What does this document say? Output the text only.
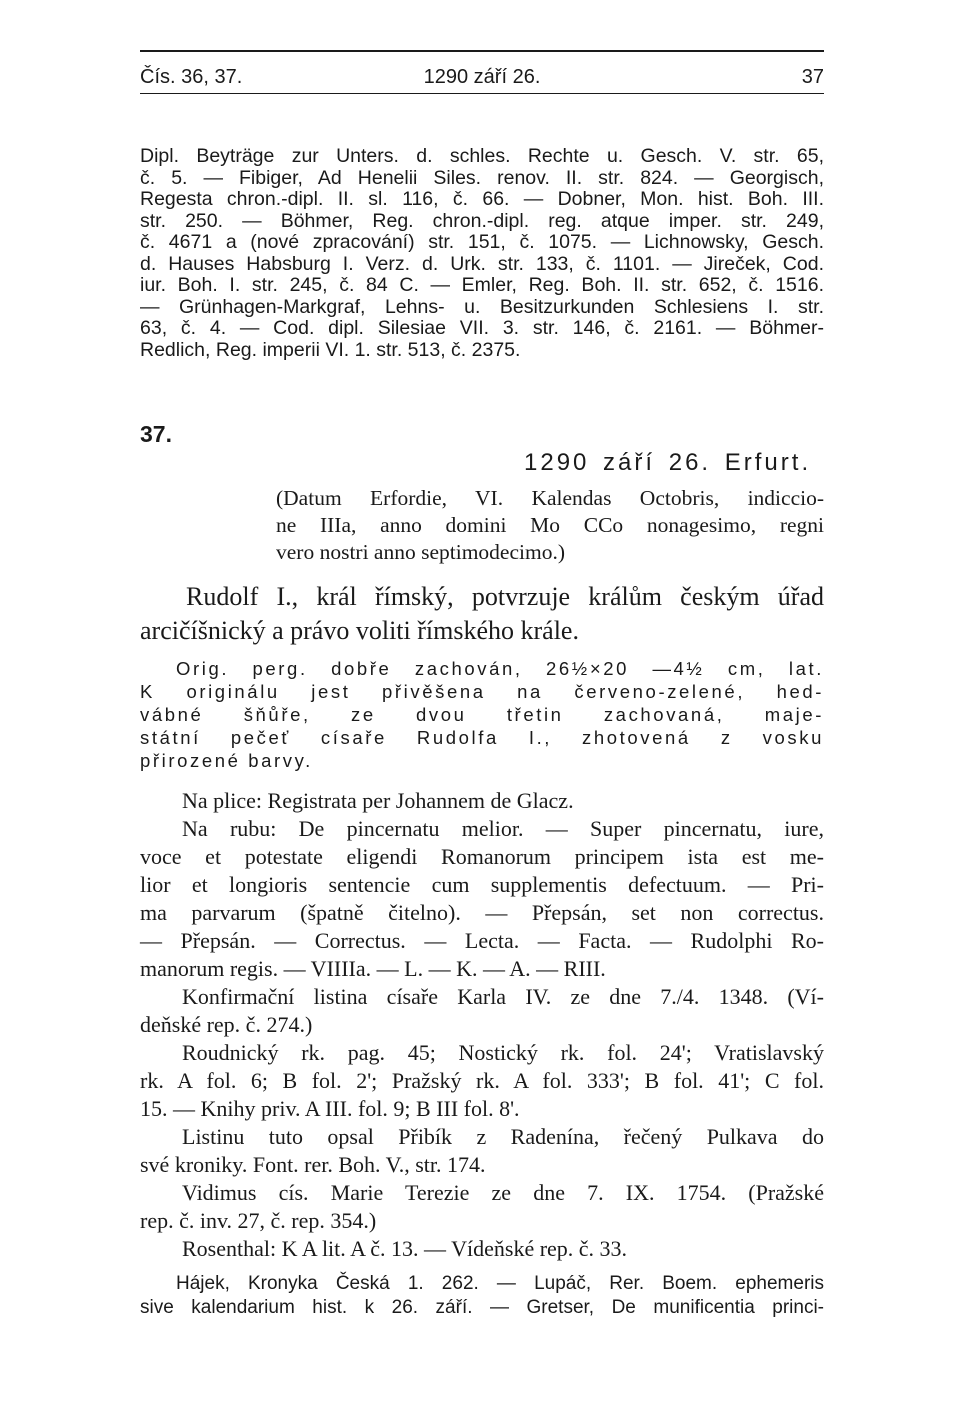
Čís. 36, 37.	1290 září 26.	37
Dipl. Beyträge zur Unters. d. schles. Rechte u. Gesch. V. str. 65,
č. 5. — Fibiger, Ad Henelii Siles. renov. II. str. 824. — Georgisch,
Regesta chron.-dipl. II. sl. 116, č. 66. — Dobner, Mon. hist. Boh. III.
str. 250. — Böhmer, Reg. chron.-dipl. reg. atque imper. str. 249,
č. 4671 a (nové zpracování) str. 151, č. 1075. — Lichnowsky, Gesch.
d. Hauses Habsburg I. Verz. d. Urk. str. 133, č. 1101. — Jireček, Cod.
iur. Boh. I. str. 245, č. 84 C. — Emler, Reg. Boh. II. str. 652, č. 1516.
— Grünhagen-Markgraf, Lehns- u. Besitzurkunden Schlesiens I. str.
63, č. 4. — Cod. dipl. Silesiae VII. 3. str. 146, č. 2161. — Böhmer-
Redlich, Reg. imperii VI. 1. str. 513, č. 2375.
37.
1290 září 26. Erfurt.
(Datum Erfordie, VI. Kalendas Octobris, indiccio-
ne IIIa, anno domini Mo CCo nonagesimo, regni
vero nostri anno septimodecimo.)
Rudolf I., král římský, potvrzuje králům českým úřad
arcičíšnický a právo voliti římského krále.
Orig. perg. dobře zachován, 26½×20 —4½ cm, lat.
K originálu jest přivěšena na červeno-zelené, hed-
vábné šňůře, ze dvou třetin zachovaná, maje-
státní pečeť císaře Rudolfa I., zhotovená z vosku
přirozené barvy.
Na plice: Registrata per Johannem de Glacz.
Na rubu: De pincernatu melior. — Super pincernatu, iure,
voce et potestate eligendi Romanorum principem ista est me-
lior et longioris sentencie cum supplementis defectuum. — Pri-
ma parvarum (špatně čitelno). — Přepsán, set non correctus.
— Přepsán. — Correctus. — Lecta. — Facta. — Rudolphi Ro-
manorum regis. — VIIIIa. — L. — K. — A. — RIII.
Konfirmační listina císaře Karla IV. ze dne 7./4. 1348. (Ví-
deňské rep. č. 274.)
Roudnický rk. pag. 45; Nostický rk. fol. 24'; Vratislavský
rk. A fol. 6; B fol. 2'; Pražský rk. A fol. 333'; B fol. 41'; C fol.
15. — Knihy priv. A III. fol. 9; B III fol. 8'.
Listinu tuto opsal Přibík z Radenína, řečený Pulkava do
své kroniky. Font. rer. Boh. V., str. 174.
Vidimus cís. Marie Terezie ze dne 7. IX. 1754. (Pražské
rep. č. inv. 27, č. rep. 354.)
Rosenthal: K A lit. A č. 13. — Vídeňské rep. č. 33.
Hájek, Kronyka Česká 1. 262. — Lupáč, Rer. Boem. ephemeris
sive kalendarium hist. k 26. září. — Gretser, De munificentia princi-
